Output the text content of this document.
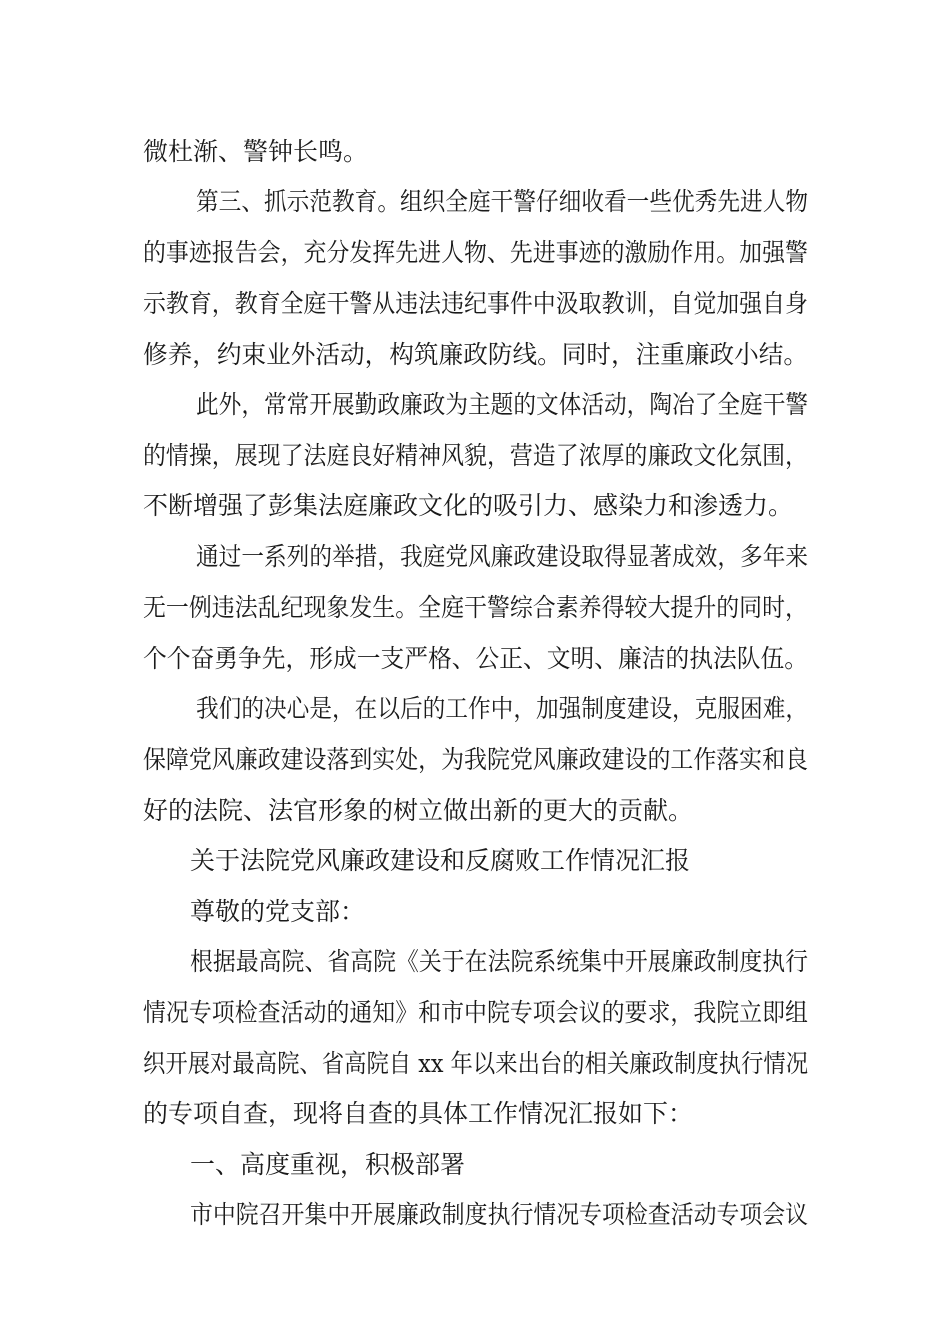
微杜渐、警钟长鸣。
第三、抓示范教育。组织全庭干警仔细收看一些优秀先进人物
的事迹报告会，充分发挥先进人物、先进事迹的激励作用。加强警
示教育，教育全庭干警从违法违纪事件中汲取教训，自觉加强自身
修养，约束业外活动，构筑廉政防线。同时，注重廉政小结。
此外，常常开展勤政廉政为主题的文体活动，陶冶了全庭干警
的情操，展现了法庭良好精神风貌，营造了浓厚的廉政文化氛围，
不断增强了彭集法庭廉政文化的吸引力、感染力和渗透力。
通过一系列的举措，我庭党风廉政建设取得显著成效，多年来
无一例违法乱纪现象发生。全庭干警综合素养得较大提升的同时，
个个奋勇争先，形成一支严格、公正、文明、廉洁的执法队伍。
我们的决心是，在以后的工作中，加强制度建设，克服困难，
保障党风廉政建设落到实处，为我院党风廉政建设的工作落实和良
好的法院、法官形象的树立做出新的更大的贡献。
关于法院党风廉政建设和反腐败工作情况汇报
尊敬的党支部：
根据最高院、省高院《关于在法院系统集中开展廉政制度执行
情况专项检查活动的通知》和市中院专项会议的要求，我院立即组
织开展对最高院、省高院自 xx 年以来出台的相关廉政制度执行情况
的专项自查，现将自查的具体工作情况汇报如下：
一、高度重视，积极部署
市中院召开集中开展廉政制度执行情况专项检查活动专项会议
